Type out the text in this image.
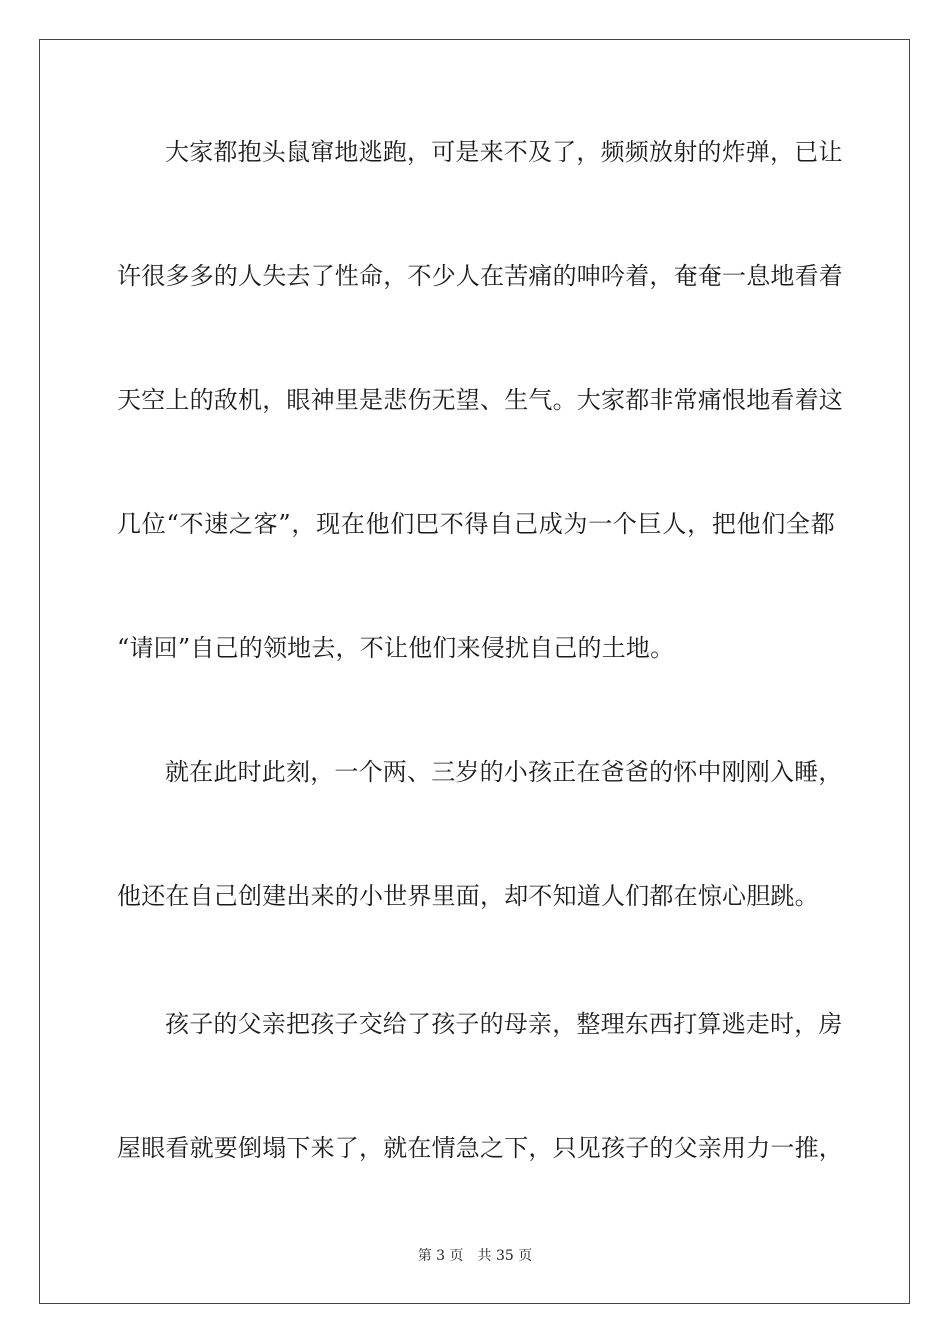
大家都抱头鼠窜地逃跑，可是来不及了，频频放射的炸弹，已让
许很多多的人失去了性命，不少人在苦痛的呻吟着，奄奄一息地看着
天空上的敌机，眼神里是悲伤无望、生气。大家都非常痛恨地看着这
几位“不速之客”，现在他们巴不得自己成为一个巨人，把他们全都
“请回”自己的领地去，不让他们来侵扰自己的土地。
就在此时此刻，一个两、三岁的小孩正在爸爸的怀中刚刚入睡，
他还在自己创建出来的小世界里面，却不知道人们都在惊心胆跳。
孩子的父亲把孩子交给了孩子的母亲，整理东西打算逃走时，房
屋眼看就要倒塌下来了，就在情急之下，只见孩子的父亲用力一推，
第 3 页　共 35 页
